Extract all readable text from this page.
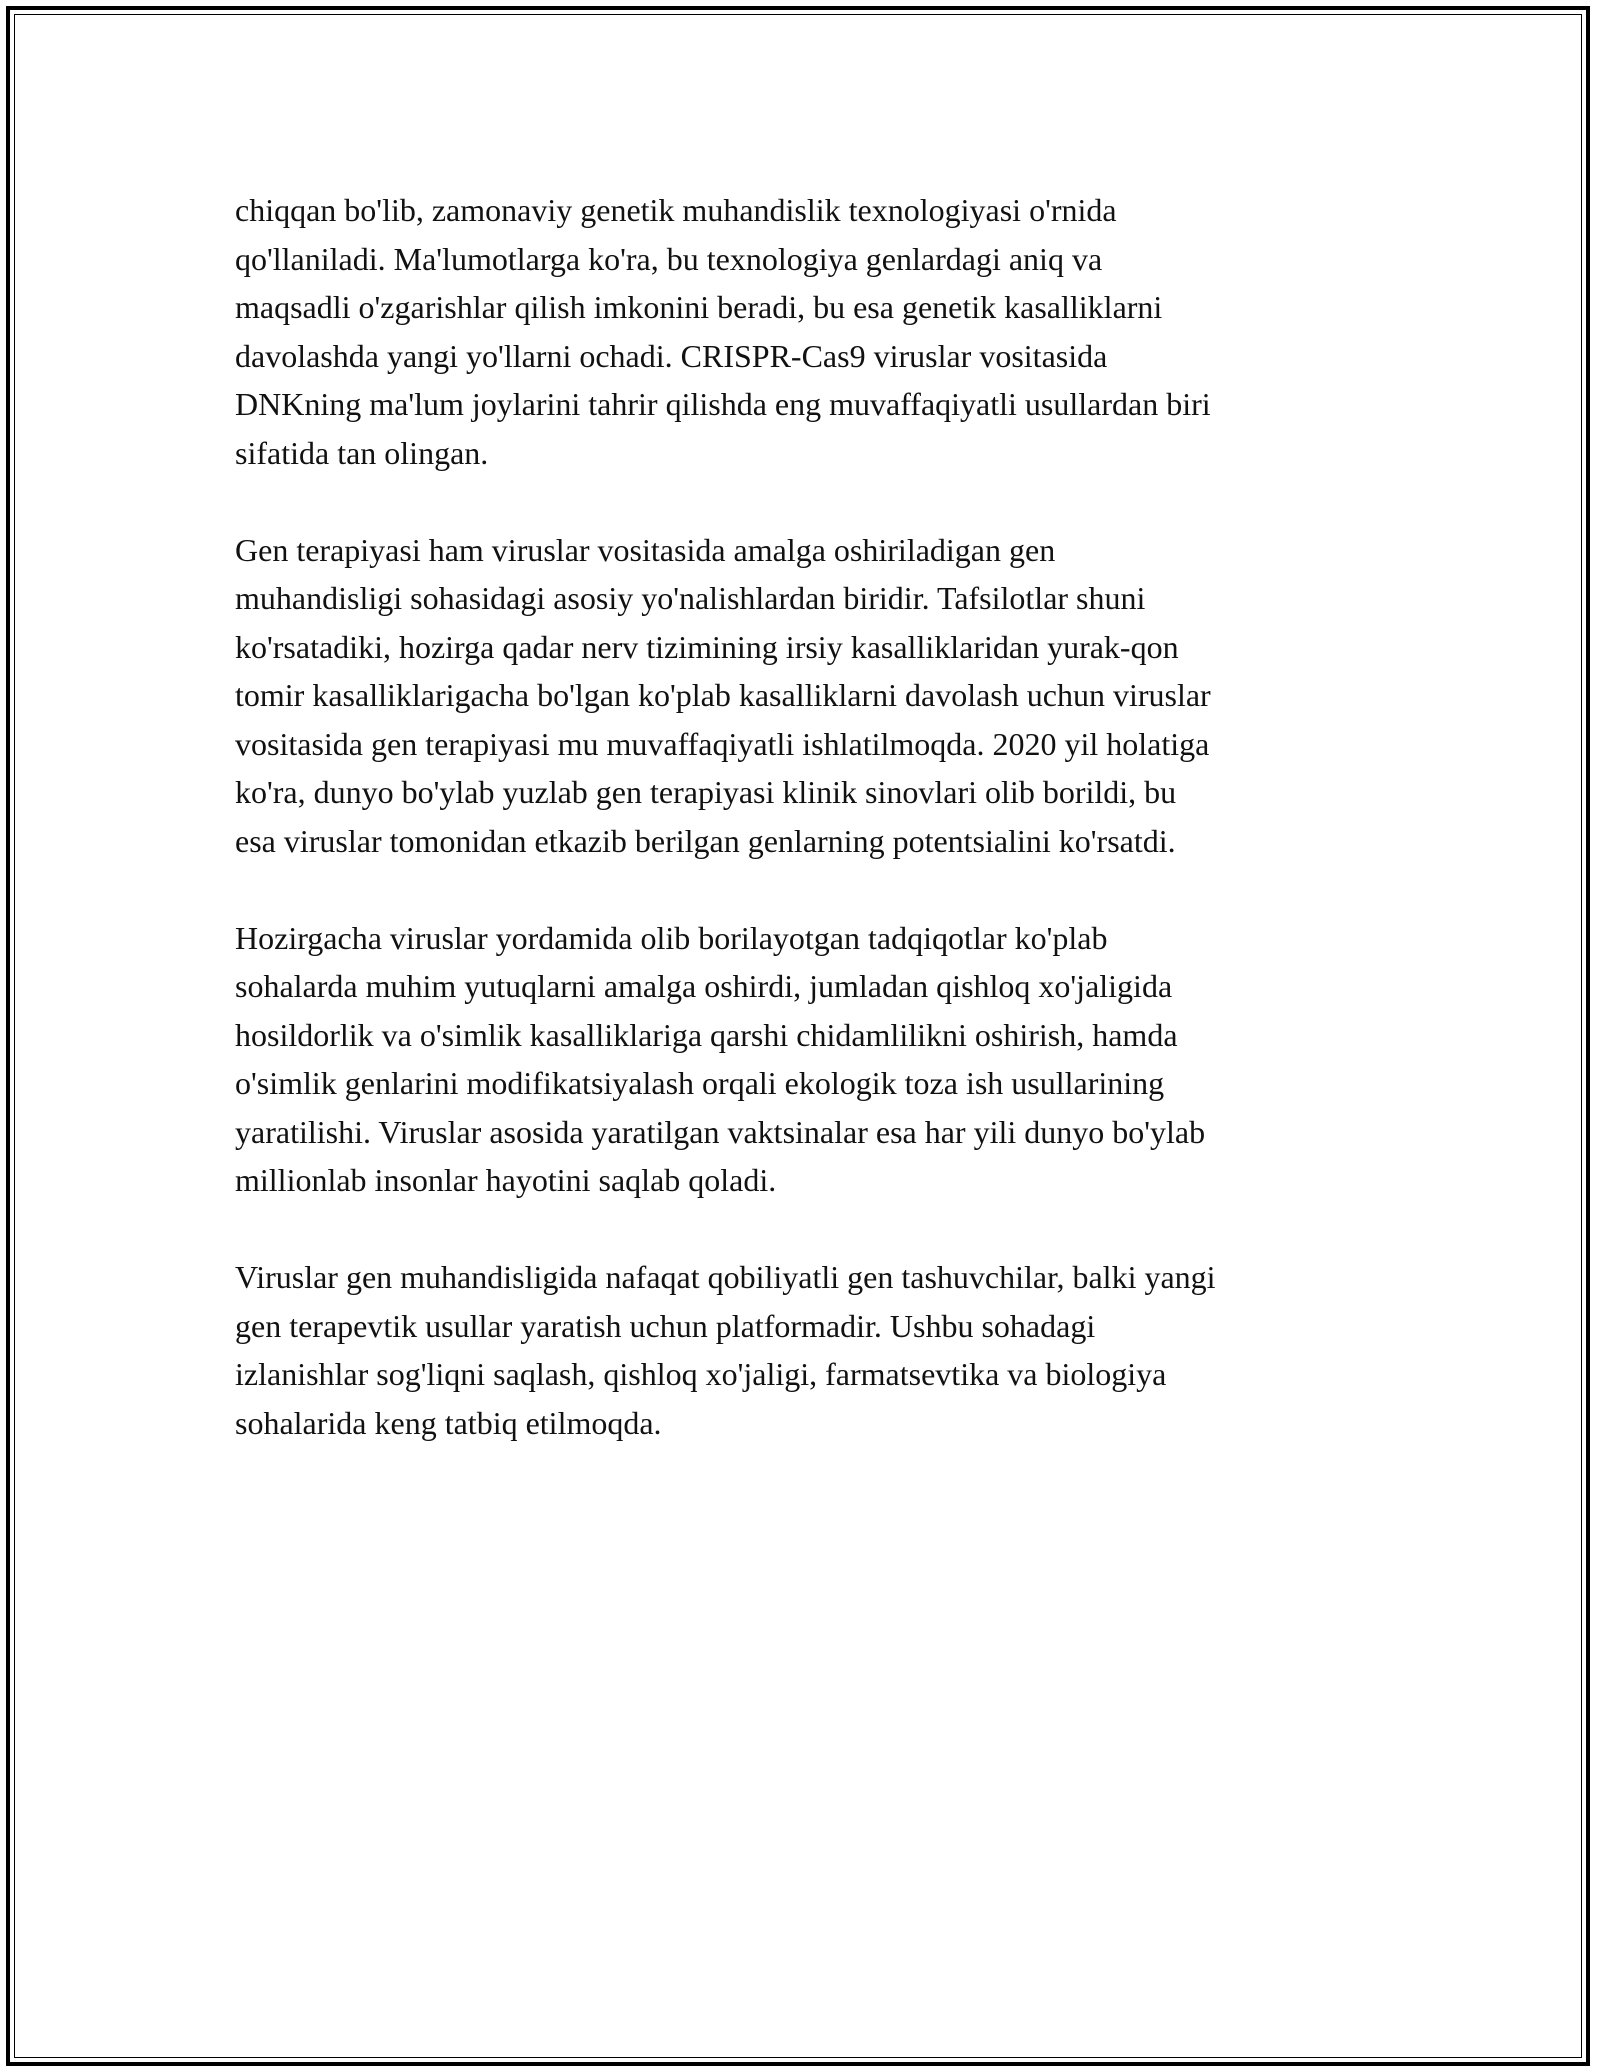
chiqqan bo'lib, zamonaviy genetik muhandislik texnologiyasi o'rnida
qo'llaniladi. Ma'lumotlarga ko'ra, bu texnologiya genlardagi aniq va
maqsadli o'zgarishlar qilish imkonini beradi, bu esa genetik kasalliklarni
davolashda yangi yo'llarni ochadi. CRISPR-Cas9 viruslar vositasida
DNKning ma'lum joylarini tahrir qilishda eng muvaffaqiyatli usullardan biri
sifatida tan olingan.

Gen terapiyasi ham viruslar vositasida amalga oshiriladigan gen
muhandisligi sohasidagi asosiy yo'nalishlardan biridir. Tafsilotlar shuni
ko'rsatadiki, hozirga qadar nerv tizimining irsiy kasalliklaridan yurak-qon
tomir kasalliklarigacha bo'lgan ko'plab kasalliklarni davolash uchun viruslar
vositasida gen terapiyasi mu muvaffaqiyatli ishlatilmoqda. 2020 yil holatiga
ko'ra, dunyo bo'ylab yuzlab gen terapiyasi klinik sinovlari olib borildi, bu
esa viruslar tomonidan etkazib berilgan genlarning potentsialini ko'rsatdi.

Hozirgacha viruslar yordamida olib borilayotgan tadqiqotlar ko'plab
sohalarda muhim yutuqlarni amalga oshirdi, jumladan qishloq xo'jaligida
hosildorlik va o'simlik kasalliklariga qarshi chidamlilikni oshirish, hamda
o'simlik genlarini modifikatsiyalash orqali ekologik toza ish usullarining
yaratilishi. Viruslar asosida yaratilgan vaktsinalar esa har yili dunyo bo'ylab
millionlab insonlar hayotini saqlab qoladi.

Viruslar gen muhandisligida nafaqat qobiliyatli gen tashuvchilar, balki yangi
gen terapevtik usullar yaratish uchun platformadir. Ushbu sohadagi
izlanishlar sog'liqni saqlash, qishloq xo'jaligi, farmatsevtika va biologiya
sohalarida keng tatbiq etilmoqda.
